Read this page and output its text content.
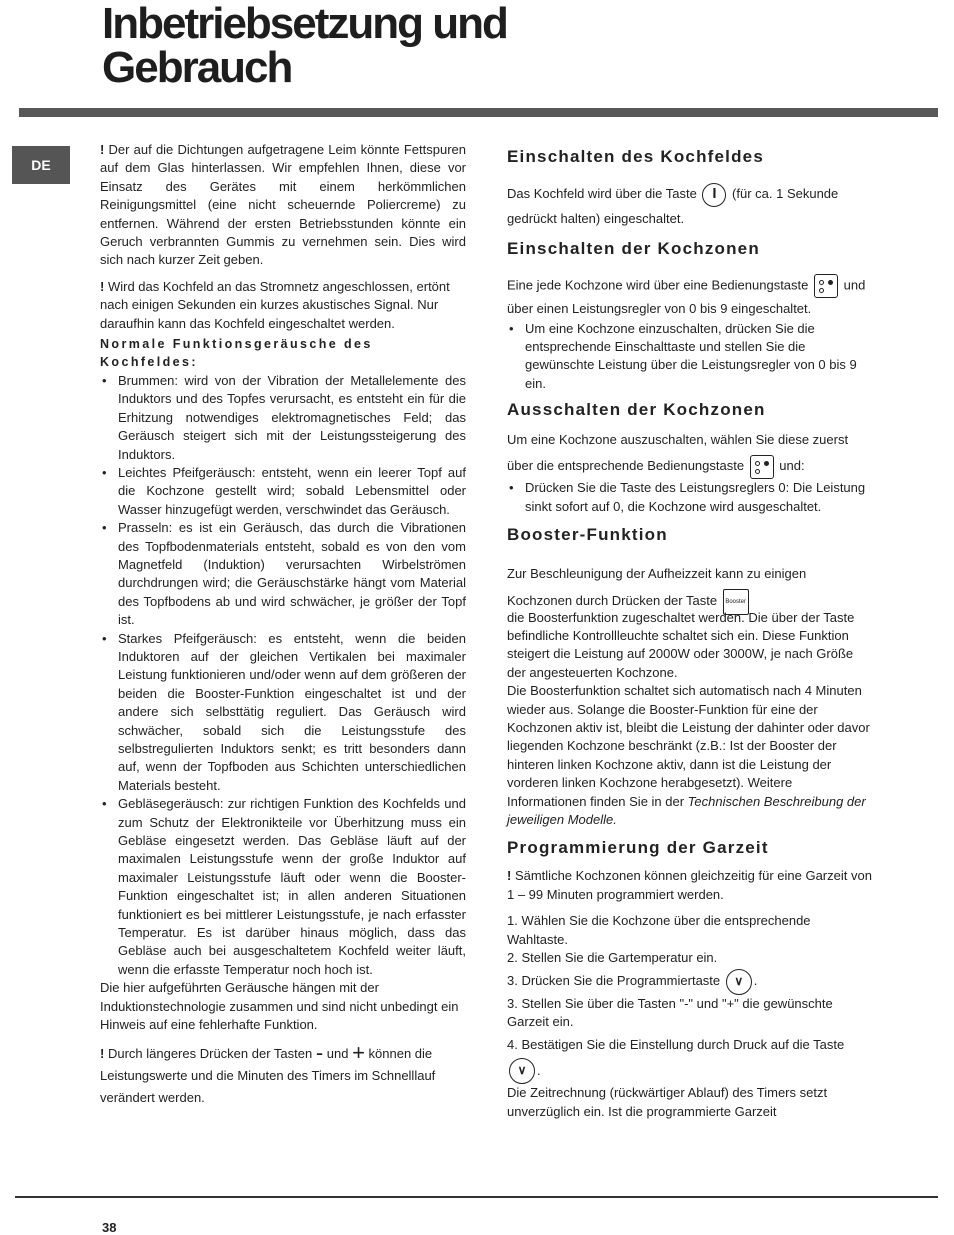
Inbetriebsetzung und
Gebrauch
DE

! Der auf die Dichtungen aufgetragene Leim könnte Fettspuren auf dem Glas hinterlassen. Wir empfehlen Ihnen, diese vor Einsatz des Gerätes mit einem herkömmlichen Reinigungsmittel (eine nicht scheuernde Poliercreme) zu entfernen. Während der ersten Betriebsstunden könnte ein Geruch verbrannten Gummis zu vernehmen sein. Dies wird sich nach kurzer Zeit geben.

! Wird das Kochfeld an das Stromnetz angeschlossen, ertönt nach einigen Sekunden ein kurzes akustisches Signal. Nur daraufhin kann das Kochfeld eingeschaltet werden.

Normale Funktionsgeräusche des Kochfeldes:

• Brummen: wird von der Vibration der Metallelemente des Induktors und des Topfes verursacht, es entsteht ein für die Erhitzung notwendiges elektromagnetisches Feld; das Geräusch steigert sich mit der Leistungssteigerung des Induktors.
• Leichtes Pfeifgeräusch: entsteht, wenn ein leerer Topf auf die Kochzone gestellt wird; sobald Lebensmittel oder Wasser hinzugefügt werden, verschwindet das Geräusch.
• Prasseln: es ist ein Geräusch, das durch die Vibrationen des Topfbodenmaterials entsteht, sobald es von den vom Magnetfeld (Induktion) verursachten Wirbelströmen durchdrungen wird; die Geräuschstärke hängt vom Material des Topfbodens ab und wird schwächer, je größer der Topf ist.
• Starkes Pfeifgeräusch: es entsteht, wenn die beiden Induktoren auf der gleichen Vertikalen bei maximaler Leistung funktionieren und/oder wenn auf dem größeren der beiden die Booster-Funktion eingeschaltet ist und der andere sich selbsttätig reguliert. Das Geräusch wird schwächer, sobald sich die Leistungsstufe des selbstregulierten Induktors senkt; es tritt besonders dann auf, wenn der Topfboden aus Schichten unterschiedlichen Materials besteht.
• Gebläsegeräusch: zur richtigen Funktion des Kochfelds und zum Schutz der Elektronikteile vor Überhitzung muss ein Gebläse eingesetzt werden. Das Gebläse läuft auf der maximalen Leistungsstufe wenn der große Induktor auf maximaler Leistungsstufe läuft oder wenn die Booster-Funktion eingeschaltet ist; in allen anderen Situationen funktioniert es bei mittlerer Leistungsstufe, je nach erfasster Temperatur. Es ist darüber hinaus möglich, dass das Gebläse auch bei ausgeschaltetem Kochfeld weiter läuft, wenn die erfasste Temperatur noch hoch ist.

Die hier aufgeführten Geräusche hängen mit der Induktionstechnologie zusammen und sind nicht unbedingt ein Hinweis auf eine fehlerhafte Funktion.

! Durch längeres Drücken der Tasten - und + können die Leistungswerte und die Minuten des Timers im Schnelllauf verändert werden.

Einschalten des Kochfeldes

Das Kochfeld wird über die Taste I (für ca. 1 Sekunde gedrückt halten) eingeschaltet.

Einschalten der Kochzonen

Eine jede Kochzone wird über eine Bedienungstaste
und über einen Leistungsregler von 0 bis 9 eingeschaltet.

• Um eine Kochzone einzuschalten, drücken Sie die entsprechende Einschalttaste und stellen Sie die gewünschte Leistung über die Leistungsregler von 0 bis 9 ein.
Ausschalten der Kochzonen

Um eine Kochzone auszuschalten, wählen Sie diese zuerst über die entsprechende Bedienungstaste
und:

• Drücken Sie die Taste des Leistungsreglers 0: Die Leistung sinkt sofort auf 0, die Kochzone wird ausgeschaltet.
Booster-Funktion

Zur Beschleunigung der Aufheizzeit kann zu einigen Kochzonen durch Drücken der Taste Booster

die Boosterfunktion zugeschaltet werden. Die über der Taste befindliche Kontrollleuchte schaltet sich ein. Diese Funktion steigert die Leistung auf 2000W oder 3000W, je nach Größe der angesteuerten Kochzone.

Die Boosterfunktion schaltet sich automatisch nach 4 Minuten wieder aus. Solange die Booster-Funktion für eine der Kochzonen aktiv ist, bleibt die Leistung der dahinter oder davor liegenden Kochzone beschränkt (z.B.: Ist der Booster der hinteren linken Kochzone aktiv, dann ist die Leistung der vorderen linken Kochzone herabgesetzt). Weitere Informationen finden Sie in der Technischen Beschreibung der jeweiligen Modelle.

Programmierung der Garzeit

! Sämtliche Kochzonen können gleichzeitig für eine Garzeit von 1 – 99 Minuten programmiert werden.

1. Wählen Sie die Kochzone über die entsprechende Wahltaste.

2. Stellen Sie die Gartemperatur ein.

3. Drücken Sie die Programmiertaste ∨ .

3. Stellen Sie über die Tasten "-" und "+" die gewünschte Garzeit ein.

4. Bestätigen Sie die Einstellung durch Druck auf die Taste ∨ .

Die Zeitrechnung (rückwärtiger Ablauf) des Timers setzt unverzüglich ein. Ist die programmierte Garzeit

38
